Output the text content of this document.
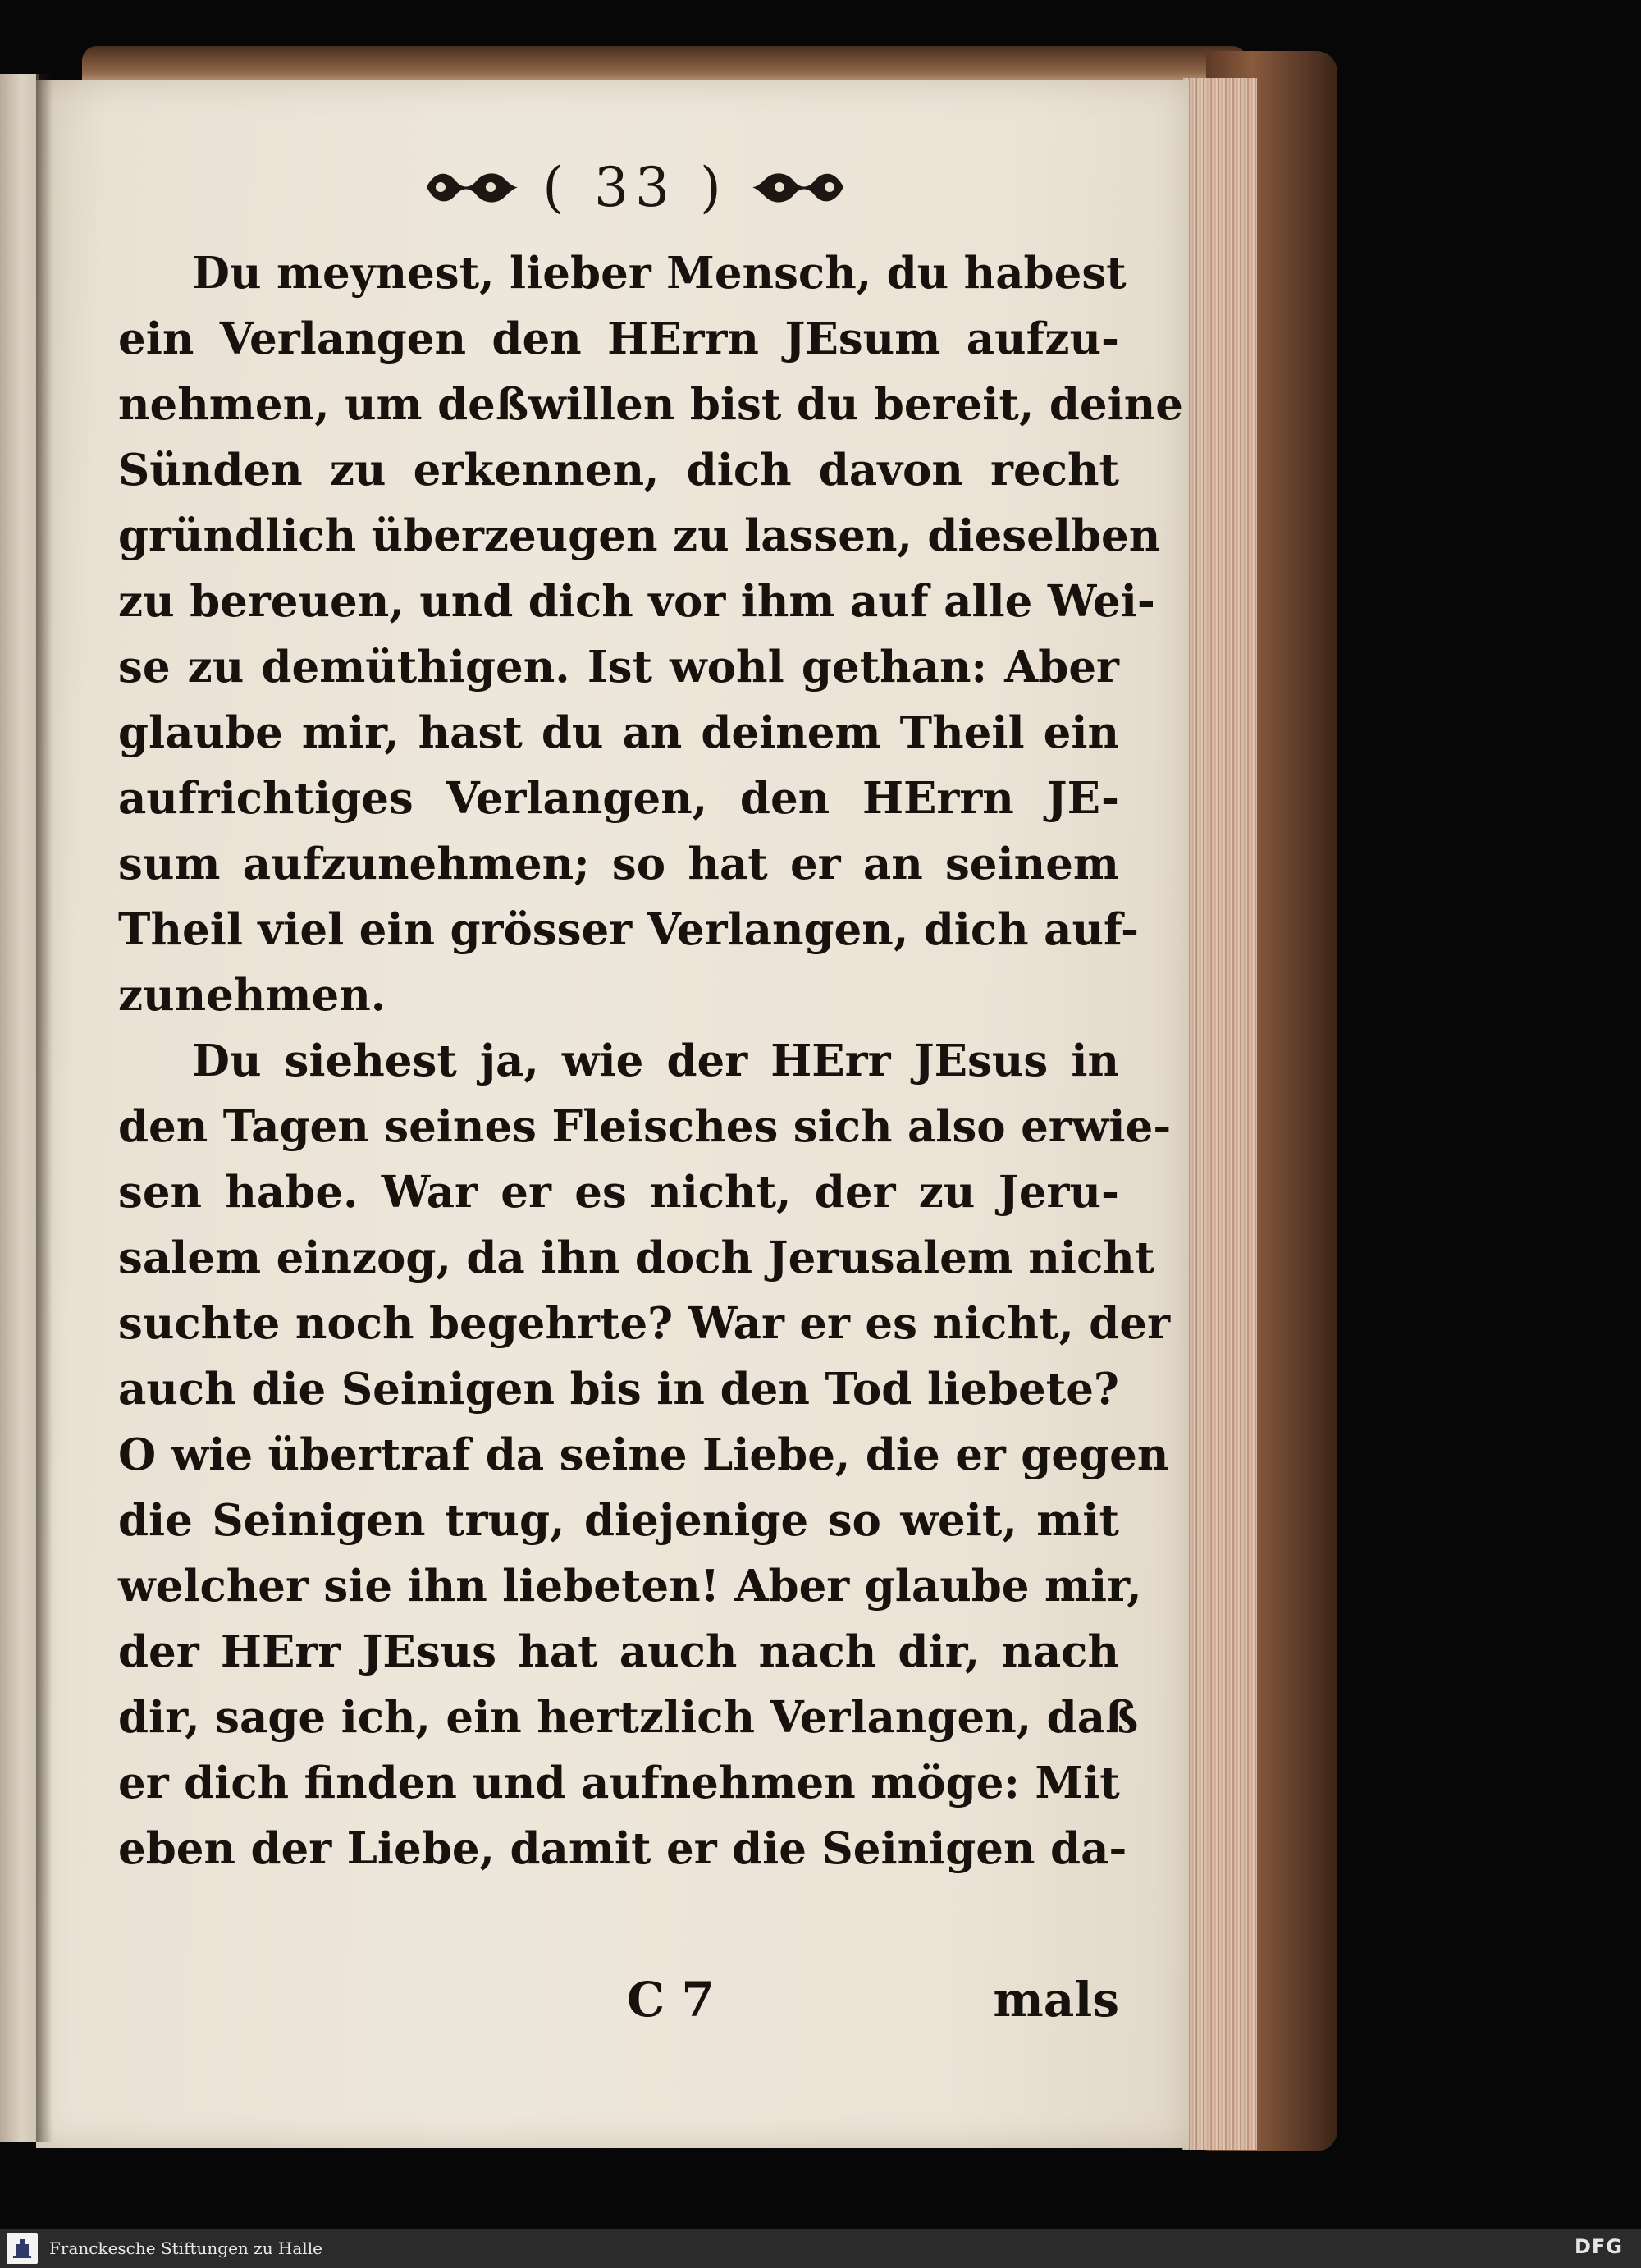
( 33 )
Du meynest, lieber Mensch, du habest
ein Verlangen den HErrn JEsum aufzu-
nehmen, um deßwillen bist du bereit, deine
Sünden zu erkennen, dich davon recht
gründlich überzeugen zu lassen, dieselben
zu bereuen, und dich vor ihm auf alle Wei-
se zu demüthigen. Ist wohl gethan: Aber
glaube mir, hast du an deinem Theil ein
aufrichtiges Verlangen, den HErrn JE-
sum aufzunehmen; so hat er an seinem
Theil viel ein grösser Verlangen, dich auf-
zunehmen.
Du siehest ja, wie der HErr JEsus in
den Tagen seines Fleisches sich also erwie-
sen habe. War er es nicht, der zu Jeru-
salem einzog, da ihn doch Jerusalem nicht
suchte noch begehrte? War er es nicht, der
auch die Seinigen bis in den Tod liebete?
O wie übertraf da seine Liebe, die er gegen
die Seinigen trug, diejenige so weit, mit
welcher sie ihn liebeten! Aber glaube mir,
der HErr JEsus hat auch nach dir, nach
dir, sage ich, ein hertzlich Verlangen, daß
er dich finden und aufnehmen möge: Mit
eben der Liebe, damit er die Seinigen da-
C 7	mals
Franckesche Stiftungen zu Halle	DFG
